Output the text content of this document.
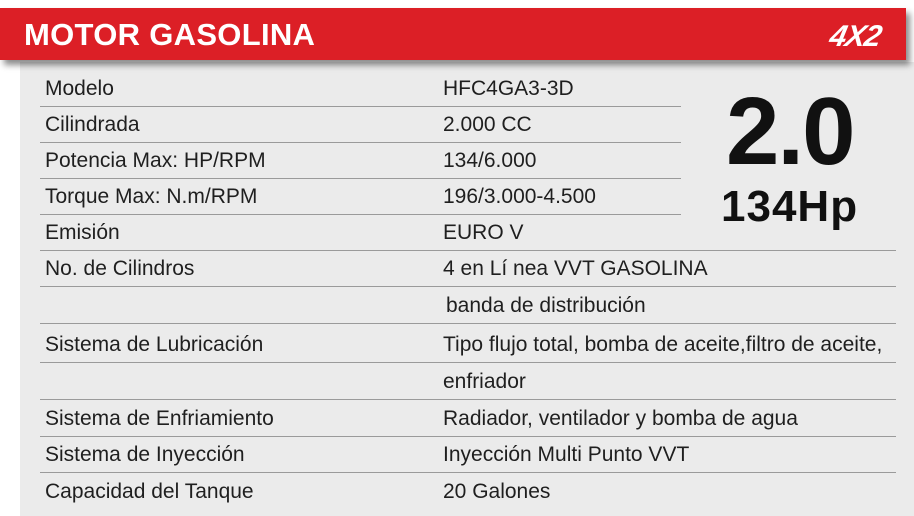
MOTOR GASOLINA	4X2
Modelo	HFC4GA3-3D
Cilindrada	2.000 CC
Potencia Max: HP/RPM	134/6.000
Torque Max: N.m/RPM	196/3.000-4.500
Emisión	EURO V
No. de Cilindros	4 en Lí nea VVT GASOLINA
banda de distribución
Sistema de Lubricación	Tipo flujo total, bomba de aceite,filtro de aceite,
enfriador
Sistema de Enfriamiento	Radiador, ventilador y bomba de agua
Sistema de Inyección	Inyección Multi Punto VVT
Capacidad del Tanque	20 Galones
2.0
134Hp
